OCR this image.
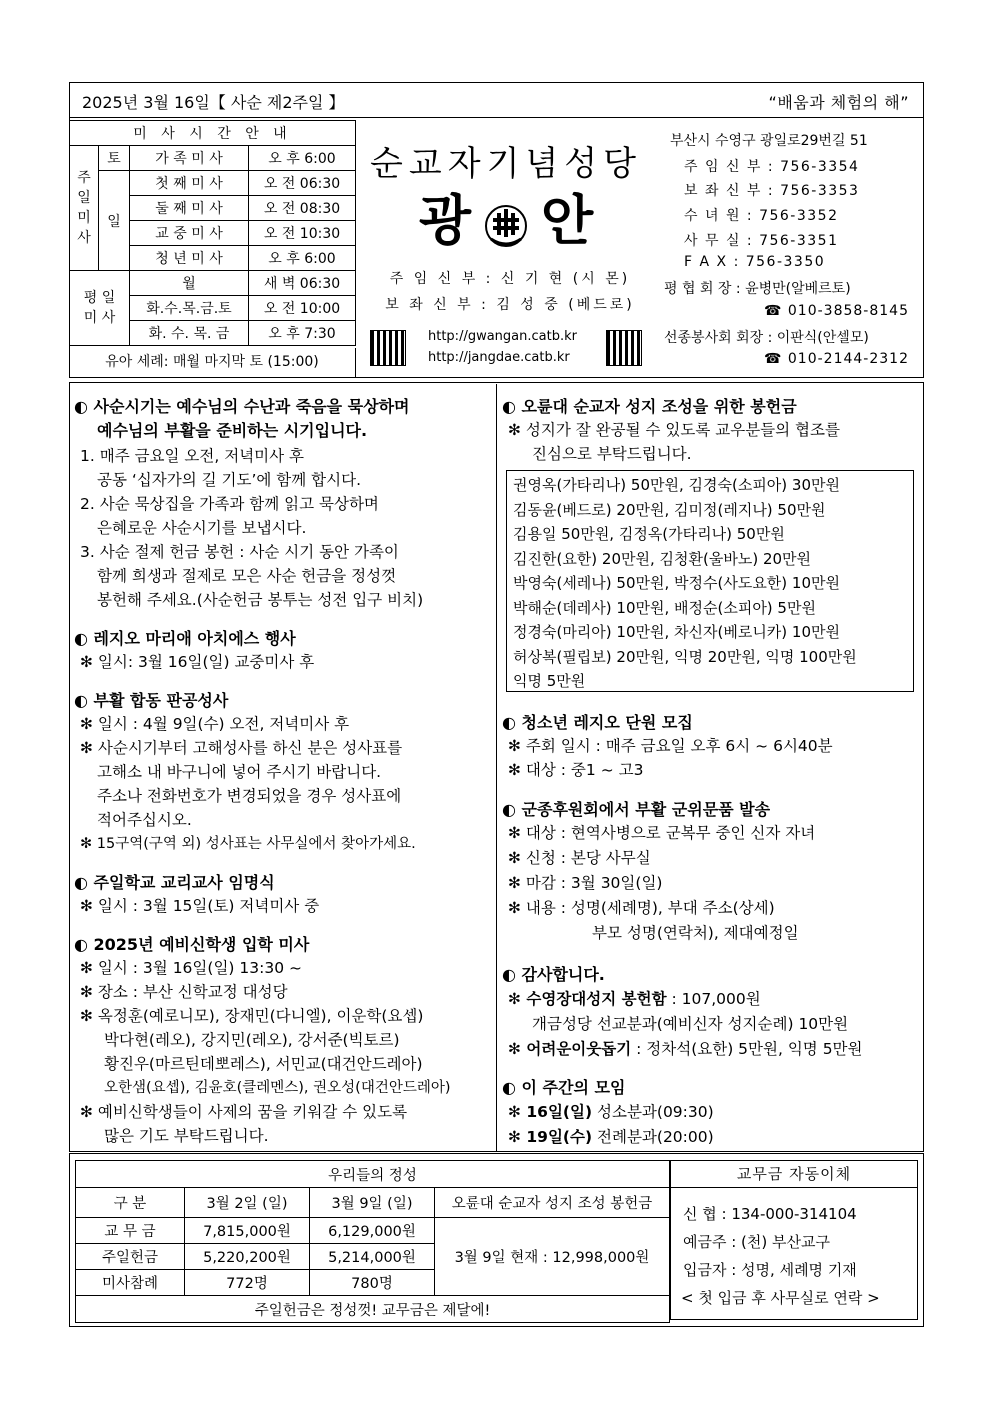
2025년 3월 16일【 사순 제2주일 】	“배움과 체험의 해”
미 사 시 간 안 내			
주
일
미
사	토	가 족 미 사	오 후 6:00
	일	첫 째 미 사	오 전 06:30
		둘 째 미 사	오 전 08:30
		교 중 미 사	오 전 10:30
		청 년 미 사	오 후 6:00
평 일
미 사		월	새 벽 06:30
		화.수.목.금.토	오 전 10:00
		화. 수. 목. 금	오 후 7:30
유아 세례: 매월 마지막 토 (15:00)
순교자기념성당
광 안
주 임 신 부 : 신 기 현 (시 몬)
보 좌 신 부 : 김 성 중 (베드로)
http://gwangan.catb.kr
http://jangdae.catb.kr
부산시 수영구 광일로29번길 51
주 임 신 부 : 756-3354
보 좌 신 부 : 756-3353
수 녀 원 : 756-3352
사 무 실 : 756-3351
F A X : 756-3350
평 협 회 장 : 윤병만(알베르토)
☎ 010-3858-8145
선종봉사회 회장 : 이판식(안셀모)
☎ 010-2144-2312
◐ 사순시기는 예수님의 수난과 죽음을 묵상하며
예수님의 부활을 준비하는 시기입니다.
1. 매주 금요일 오전, 저녁미사 후
공동 ‘십자가의 길 기도’에 함께 합시다.
2. 사순 묵상집을 가족과 함께 읽고 묵상하며
은혜로운 사순시기를 보냅시다.
3. 사순 절제 헌금 봉헌 : 사순 시기 동안 가족이
함께 희생과 절제로 모은 사순 헌금을 정성껏
봉헌해 주세요.(사순헌금 봉투는 성전 입구 비치)
◐ 레지오 마리애 아치에스 행사
✻ 일시: 3월 16일(일) 교중미사 후
◐ 부활 합동 판공성사
✻ 일시 : 4월 9일(수) 오전, 저녁미사 후
✻ 사순시기부터 고해성사를 하신 분은 성사표를
고해소 내 바구니에 넣어 주시기 바랍니다.
주소나 전화번호가 변경되었을 경우 성사표에
적어주십시오.
✻ 15구역(구역 외) 성사표는 사무실에서 찾아가세요.
◐ 주일학교 교리교사 임명식
✻ 일시 : 3월 15일(토) 저녁미사 중
◐ 2025년 예비신학생 입학 미사
✻ 일시 : 3월 16일(일) 13:30 ~
✻ 장소 : 부산 신학교정 대성당
✻ 옥정훈(예로니모), 장재민(다니엘), 이운학(요셉)
박다현(레오), 강지민(레오), 강서준(빅토르)
황진우(마르틴데뽀레스), 서민교(대건안드레아)
오한샘(요셉), 김윤호(클레멘스), 권오성(대건안드레아)
✻ 예비신학생들이 사제의 꿈을 키워갈 수 있도록
많은 기도 부탁드립니다.
◐ 오륜대 순교자 성지 조성을 위한 봉헌금
✻ 성지가 잘 완공될 수 있도록 교우분들의 협조를
진심으로 부탁드립니다.
권영옥(가타리나) 50만원, 김경숙(소피아) 30만원
김동윤(베드로) 20만원, 김미정(레지나) 50만원
김용일 50만원, 김정옥(가타리나) 50만원
김진한(요한) 20만원, 김청환(울바노) 20만원
박영숙(세레나) 50만원, 박정수(사도요한) 10만원
박해순(데레사) 10만원, 배정순(소피아) 5만원
정경숙(마리아) 10만원, 차신자(베로니카) 10만원
허상복(필립보) 20만원, 익명 20만원, 익명 100만원
익명 5만원
◐ 청소년 레지오 단원 모집
✻ 주회 일시 : 매주 금요일 오후 6시 ~ 6시40분
✻ 대상 : 중1 ~ 고3
◐ 군종후원회에서 부활 군위문품 발송
✻ 대상 : 현역사병으로 군복무 중인 신자 자녀
✻ 신청 : 본당 사무실
✻ 마감 : 3월 30일(일)
✻ 내용 : 성명(세례명), 부대 주소(상세)
부모 성명(연락처), 제대예정일
◐ 감사합니다.
✻ 수영장대성지 봉헌함 : 107,000원
개금성당 선교분과(예비신자 성지순례) 10만원
✻ 어려운이웃돕기 : 정차석(요한) 5만원, 익명 5만원
◐ 이 주간의 모임
✻ 16일(일) 성소분과(09:30)
✻ 19일(수) 전례분과(20:00)
우리들의 정성			
구 분	3월 2일 (일)	3월 9일 (일)	오륜대 순교자 성지 조성 봉헌금
교 무 금	7,815,000원	6,129,000원	3월 9일 현재 : 12,998,000원
주일헌금	5,220,200원	5,214,000원	
미사참례	772명	780명	
주일헌금은 정성껏! 교무금은 제달에!			
교무금 자동이체
신 협 : 134-000-314104
예금주 : (천) 부산교구
입금자 : 성명, 세례명 기재
< 첫 입금 후 사무실로 연락 >
